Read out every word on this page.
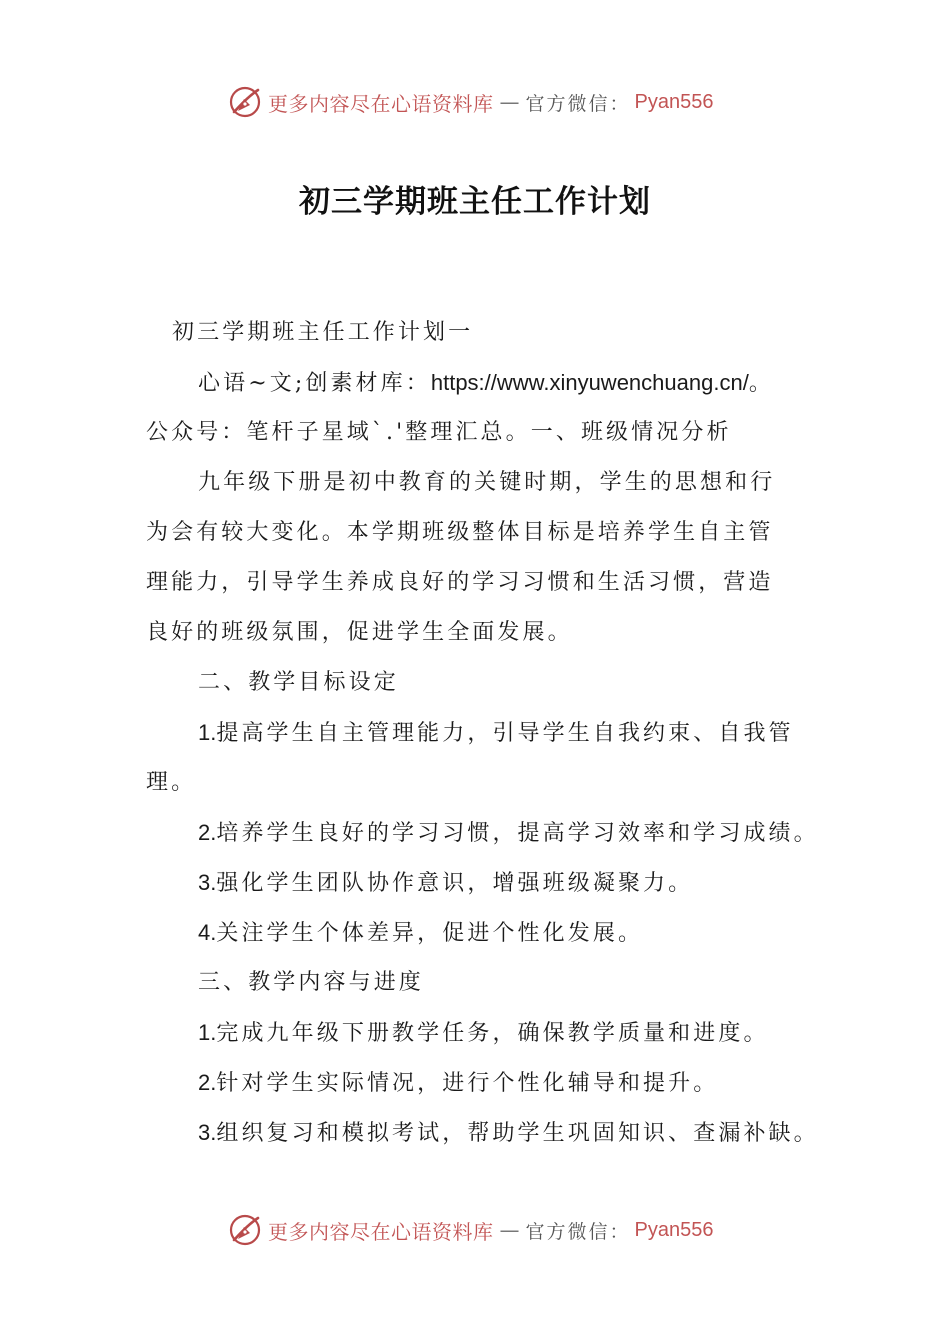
更多内容尽在心语资料库 — 官方微信： Pyan556
初三学期班主任工作计划
初三学期班主任工作计划一
心语~文;创素材库：https://www.xinyuwenchuang.cn/。
公众号：笔杆子星域`.'整理汇总。一、班级情况分析
九年级下册是初中教育的关键时期，学生的思想和行
为会有较大变化。本学期班级整体目标是培养学生自主管
理能力，引导学生养成良好的学习习惯和生活习惯，营造
良好的班级氛围，促进学生全面发展。
二、教学目标设定
1.提高学生自主管理能力，引导学生自我约束、自我管
理。
2.培养学生良好的学习习惯，提高学习效率和学习成绩。
3.强化学生团队协作意识，增强班级凝聚力。
4.关注学生个体差异，促进个性化发展。
三、教学内容与进度
1.完成九年级下册教学任务，确保教学质量和进度。
2.针对学生实际情况，进行个性化辅导和提升。
3.组织复习和模拟考试，帮助学生巩固知识、查漏补缺。
更多内容尽在心语资料库 — 官方微信： Pyan556
